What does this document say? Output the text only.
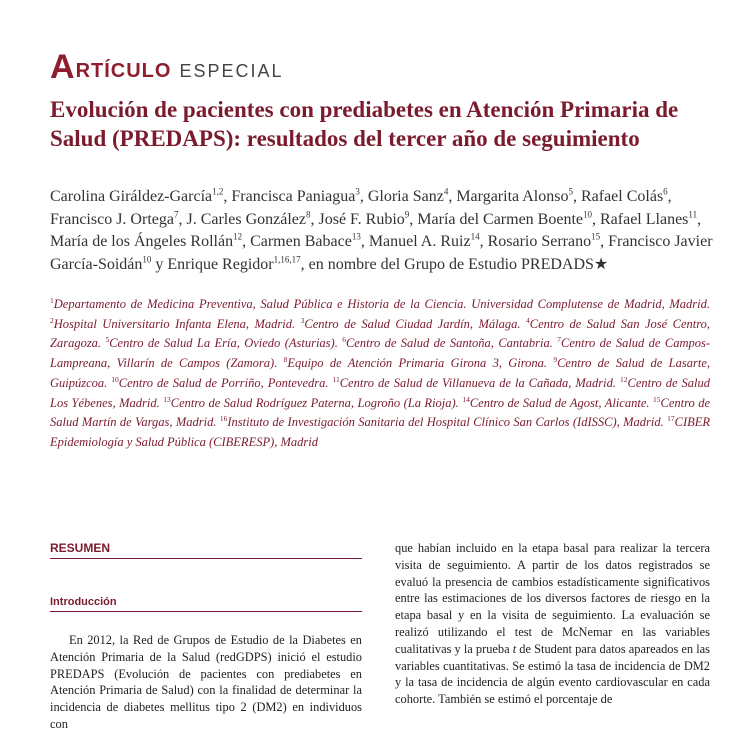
A RTÍCULO ESPECIAL
Evolución de pacientes con prediabetes en Atención Primaria de Salud (PREDAPS): resultados del tercer año de seguimiento
Carolina Giráldez-García$^{1,2}$, Francisca Paniagua$^3$, Gloria Sanz$^4$, Margarita Alonso$^5$, Rafael Colás$^6$, Francisco J. Ortega$^7$, J. Carles González$^8$, José F. Rubio$^9$, María del Carmen Boente$^{10}$, Rafael Llanes$^{11}$, María de los Ángeles Rollán$^{12}$, Carmen Babace$^{13}$, Manuel A. Ruiz$^{14}$, Rosario Serrano$^{15}$, Francisco Javier García-Soidán$^{10}$ y Enrique Regidor$^{1,16,17}$, en nombre del Grupo de Estudio PREDADS★
$^1$Departamento de Medicina Preventiva, Salud Pública e Historia de la Ciencia. Universidad Complutense de Madrid, Madrid. $^2$Hospital Universitario Infanta Elena, Madrid. $^3$Centro de Salud Ciudad Jardín, Málaga. $^4$Centro de Salud San José Centro, Zaragoza. $^5$Centro de Salud La Ería, Oviedo (Asturias). $^6$Centro de Salud de Santoña, Cantabria. $^7$Centro de Salud de Campos-Lampreana, Villarín de Campos (Zamora). $^8$Equipo de Atención Primaria Girona 3, Girona. $^9$Centro de Salud de Lasarte, Guipúzcoa. $^{10}$Centro de Salud de Porriño, Pontevedra. $^{11}$Centro de Salud de Villanueva de la Cañada, Madrid. $^{12}$Centro de Salud Los Yébenes, Madrid. $^{13}$Centro de Salud Rodríguez Paterna, Logroño (La Rioja). $^{14}$Centro de Salud de Agost, Alicante. $^{15}$Centro de Salud Martín de Vargas, Madrid. $^{16}$Instituto de Investigación Sanitaria del Hospital Clínico San Carlos (IdISSC), Madrid. $^{17}$CIBER Epidemiología y Salud Pública (CIBERESP), Madrid
RESUMEN
Introducción
En 2012, la Red de Grupos de Estudio de la Diabetes en Atención Primaria de la Salud (redGDPS) inició el estudio PREDAPS (Evolución de pacientes con prediabetes en Atención Primaria de Salud) con la finalidad de determinar la incidencia de diabetes mellitus tipo 2 (DM2) en individuos con
que habían incluido en la etapa basal para realizar la tercera visita de seguimiento. A partir de los datos registrados se evaluó la presencia de cambios estadísticamente significativos entre las estimaciones de los diversos factores de riesgo en la etapa basal y en la visita de seguimiento. La evaluación se realizó utilizando el test de McNemar en las variables cualitativas y la prueba t de Student para datos apareados en las variables cuantitativas. Se estimó la tasa de incidencia de DM2 y la tasa de incidencia de algún evento cardiovascular en cada cohorte. También se estimó el porcentaje de
